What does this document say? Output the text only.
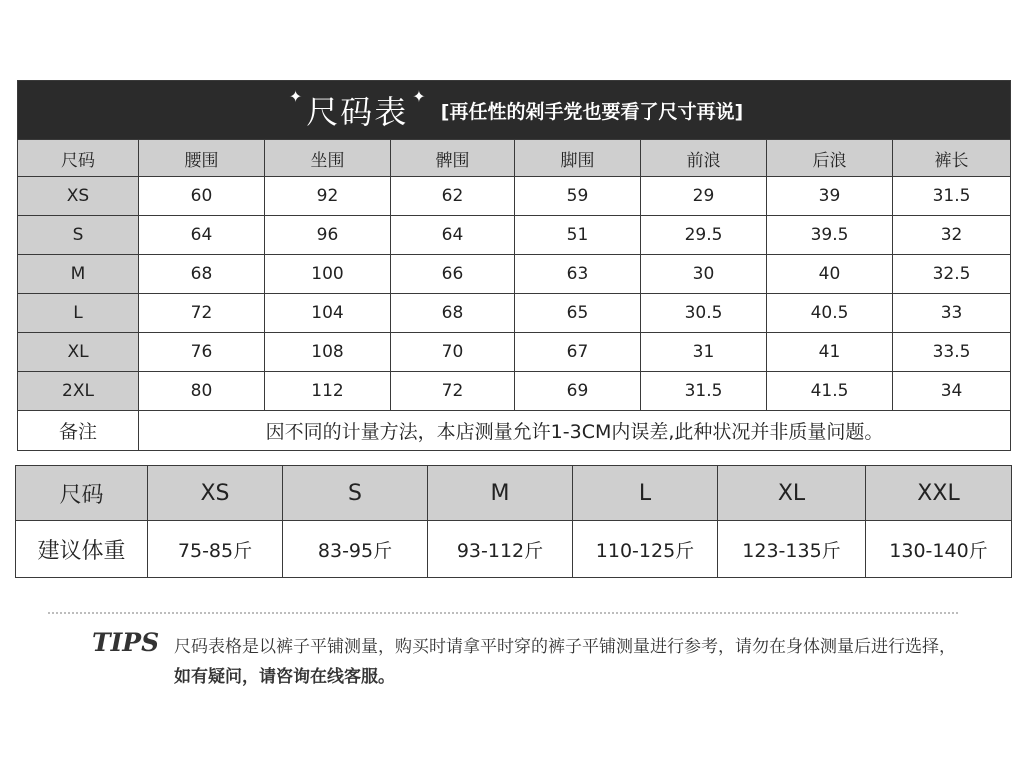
✦ 尺码表 ✦ [再任性的剁手党也要看了尺寸再说]							
尺码	腰围	坐围	髀围	脚围	前浪	后浪	裤长
XS	60	92	62	59	29	39	31.5
S	64	96	64	51	29.5	39.5	32
M	68	100	66	63	30	40	32.5
L	72	104	68	65	30.5	40.5	33
XL	76	108	70	67	31	41	33.5
2XL	80	112	72	69	31.5	41.5	34
备注	因不同的计量方法，本店测量允许1-3CM内误差,此种状况并非质量问题。						
尺码	XS	S	M	L	XL	XXL
建议体重	75-85斤	83-95斤	93-112斤	110-125斤	123-135斤	130-140斤
TIPS 尺码表格是以裤子平铺测量，购买时请拿平时穿的裤子平铺测量进行参考，请勿在身体测量后进行选择，如有疑问，请咨询在线客服。
